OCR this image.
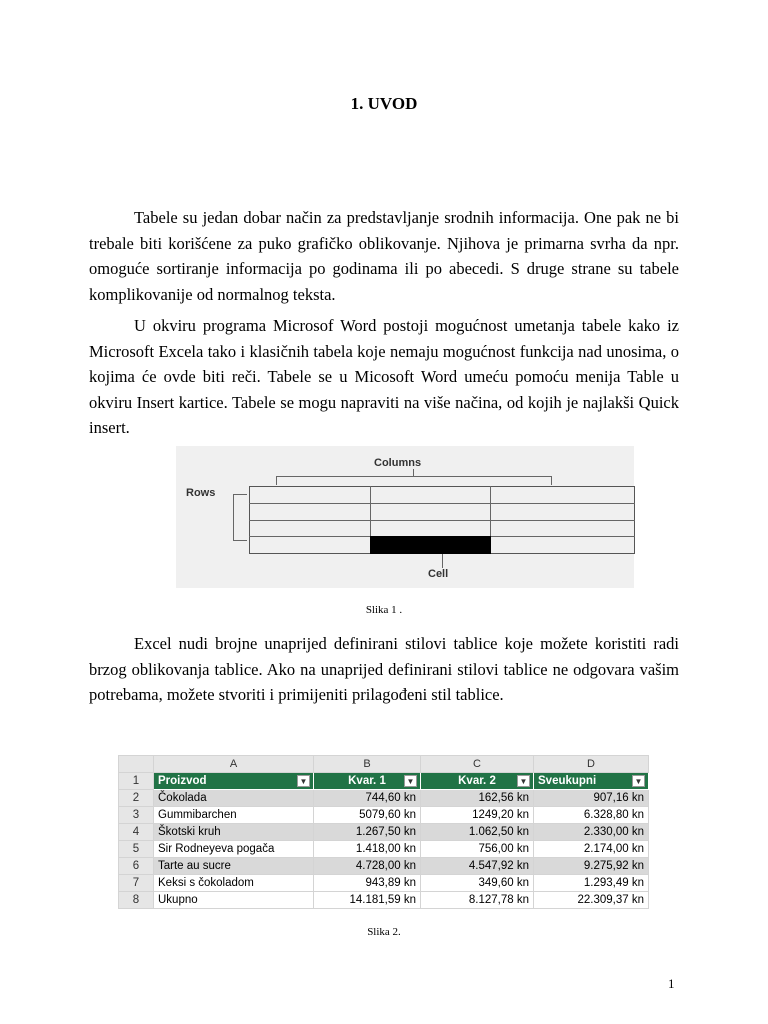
1. UVOD

Tabele su jedan dobar način za predstavljanje srodnih informacija. One pak ne bi trebale biti korišćene za puko grafičko oblikovanje. Njihova je primarna svrha da npr. omoguće sortiranje informacija po godinama ili po abecedi. S druge strane su tabele komplikovanije od normalnog teksta.

U okviru programa Microsof Word postoji mogućnost umetanja tabele kako iz Microsoft Excela tako i klasičnih tabela koje nemaju mogućnost funkcija nad unosima, o kojima će ovde biti reči. Tabele se u Micosoft Word umeću pomoću menija Table u okviru Insert kartice. Tabele se mogu napraviti na više načina, od kojih je najlakši Quick insert.

Columns
Rows
Cell
Slika 1 .

Excel nudi brojne unaprijed definirani stilovi tablice koje možete koristiti radi brzog oblikovanja tablice. Ako na unaprijed definirani stilovi tablice ne odgovara vašim potrebama, možete stvoriti i primijeniti prilagođeni stil tablice.

	A	B	C	D
1	Proizvod ▼	Kvar. 1 ▼	Kvar. 2 ▼	Sveukupni ▼

2	Čokolada	744,60 kn	162,56 kn	907,16 kn
3	Gummibarchen	5079,60 kn	1249,20 kn	6.328,80 kn
4	Škotski kruh	1.267,50 kn	1.062,50 kn	2.330,00 kn
5	Sir Rodneyeva pogača	1.418,00 kn	756,00 kn	2.174,00 kn
6	Tarte au sucre	4.728,00 kn	4.547,92 kn	9.275,92 kn
7	Keksi s čokoladom	943,89 kn	349,60 kn	1.293,49 kn
8	Ukupno	14.181,59 kn	8.127,78 kn	22.309,37 kn
Slika 2.
1
